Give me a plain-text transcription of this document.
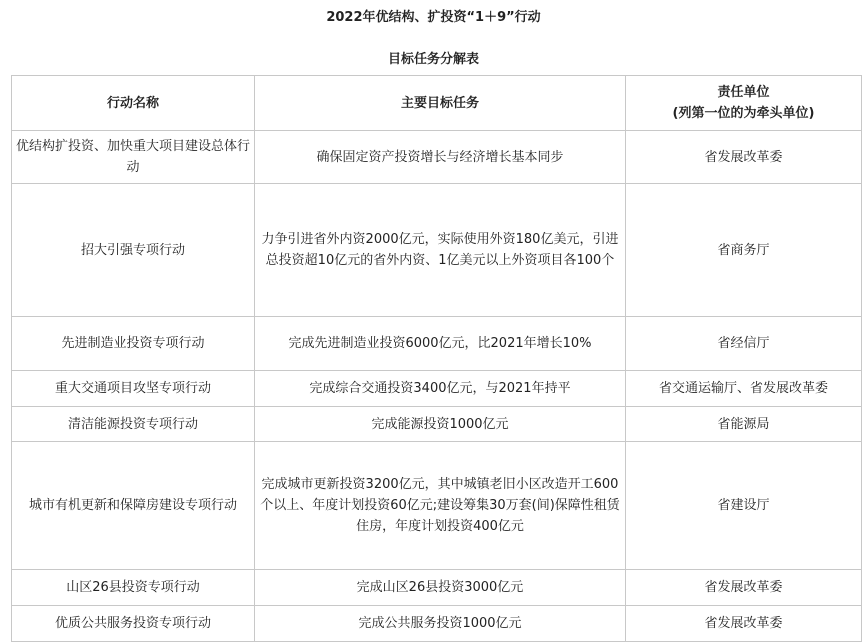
2022年优结构、扩投资“1＋9”行动
目标任务分解表
行动名称	主要目标任务	责任单位
(列第一位的为牵头单位)
优结构扩投资、加快重大项目建设总体行动	确保固定资产投资增长与经济增长基本同步	省发展改革委
招大引强专项行动	力争引进省外内资2000亿元，实际使用外资180亿美元，引进总投资超10亿元的省外内资、1亿美元以上外资项目各100个	省商务厅
先进制造业投资专项行动	完成先进制造业投资6000亿元，比2021年增长10%	省经信厅
重大交通项目攻坚专项行动	完成综合交通投资3400亿元，与2021年持平	省交通运输厅、省发展改革委
清洁能源投资专项行动	完成能源投资1000亿元	省能源局
城市有机更新和保障房建设专项行动	完成城市更新投资3200亿元，其中城镇老旧小区改造开工600个以上、年度计划投资60亿元;建设筹集30万套(间)保障性租赁住房，年度计划投资400亿元	省建设厅
山区26县投资专项行动	完成山区26县投资3000亿元	省发展改革委
优质公共服务投资专项行动	完成公共服务投资1000亿元	省发展改革委
